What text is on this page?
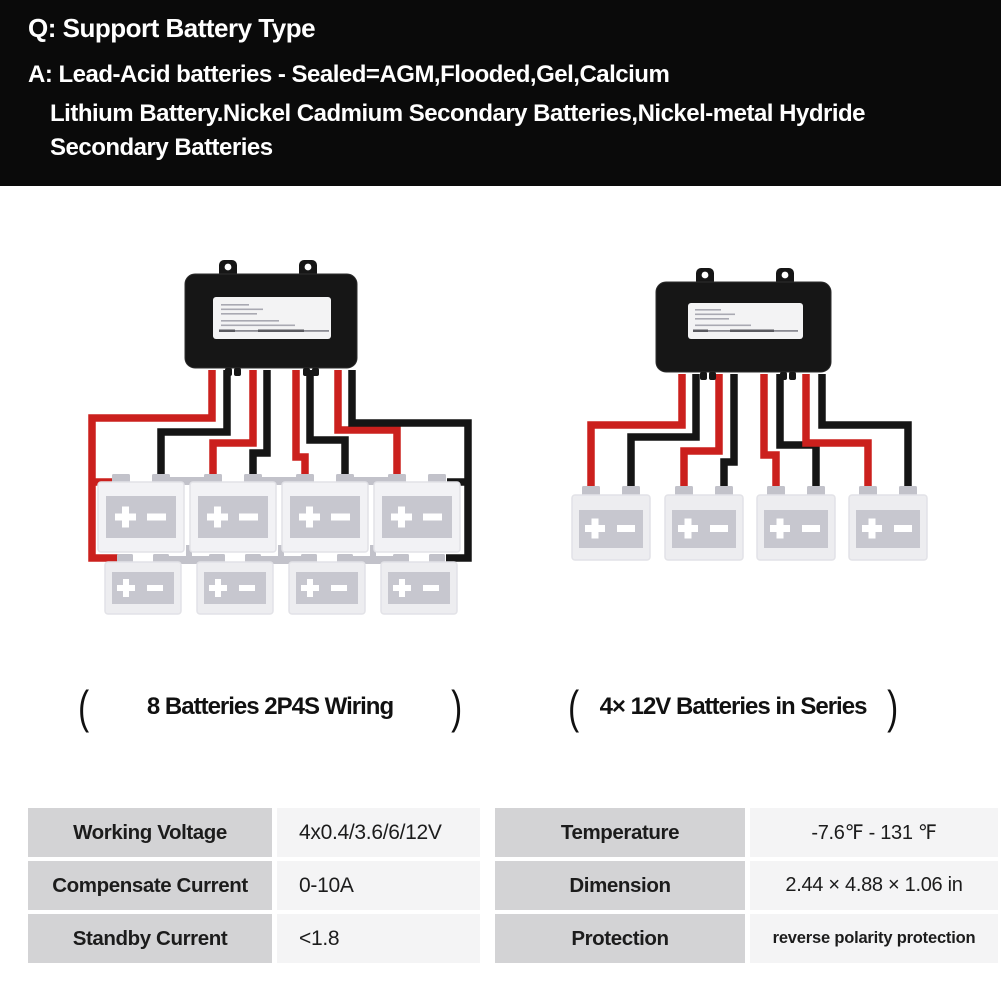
Q: Support Battery Type
A: Lead-Acid batteries - Sealed=AGM,Flooded,Gel,Calcium
Lithium Battery.Nickel Cadmium Secondary Batteries,Nickel-metal Hydride
Secondary Batteries
( 8 Batteries 2P4S Wiring ) ( 4× 12V Batteries in Series )
Working Voltage	4x0.4/3.6/6/12V
Compensate Current	0-10A
Standby Current	<1.8
Temperature	-7.6℉ - 131 ℉
Dimension	2.44 × 4.88 × 1.06 in
Protection	reverse polarity protection
